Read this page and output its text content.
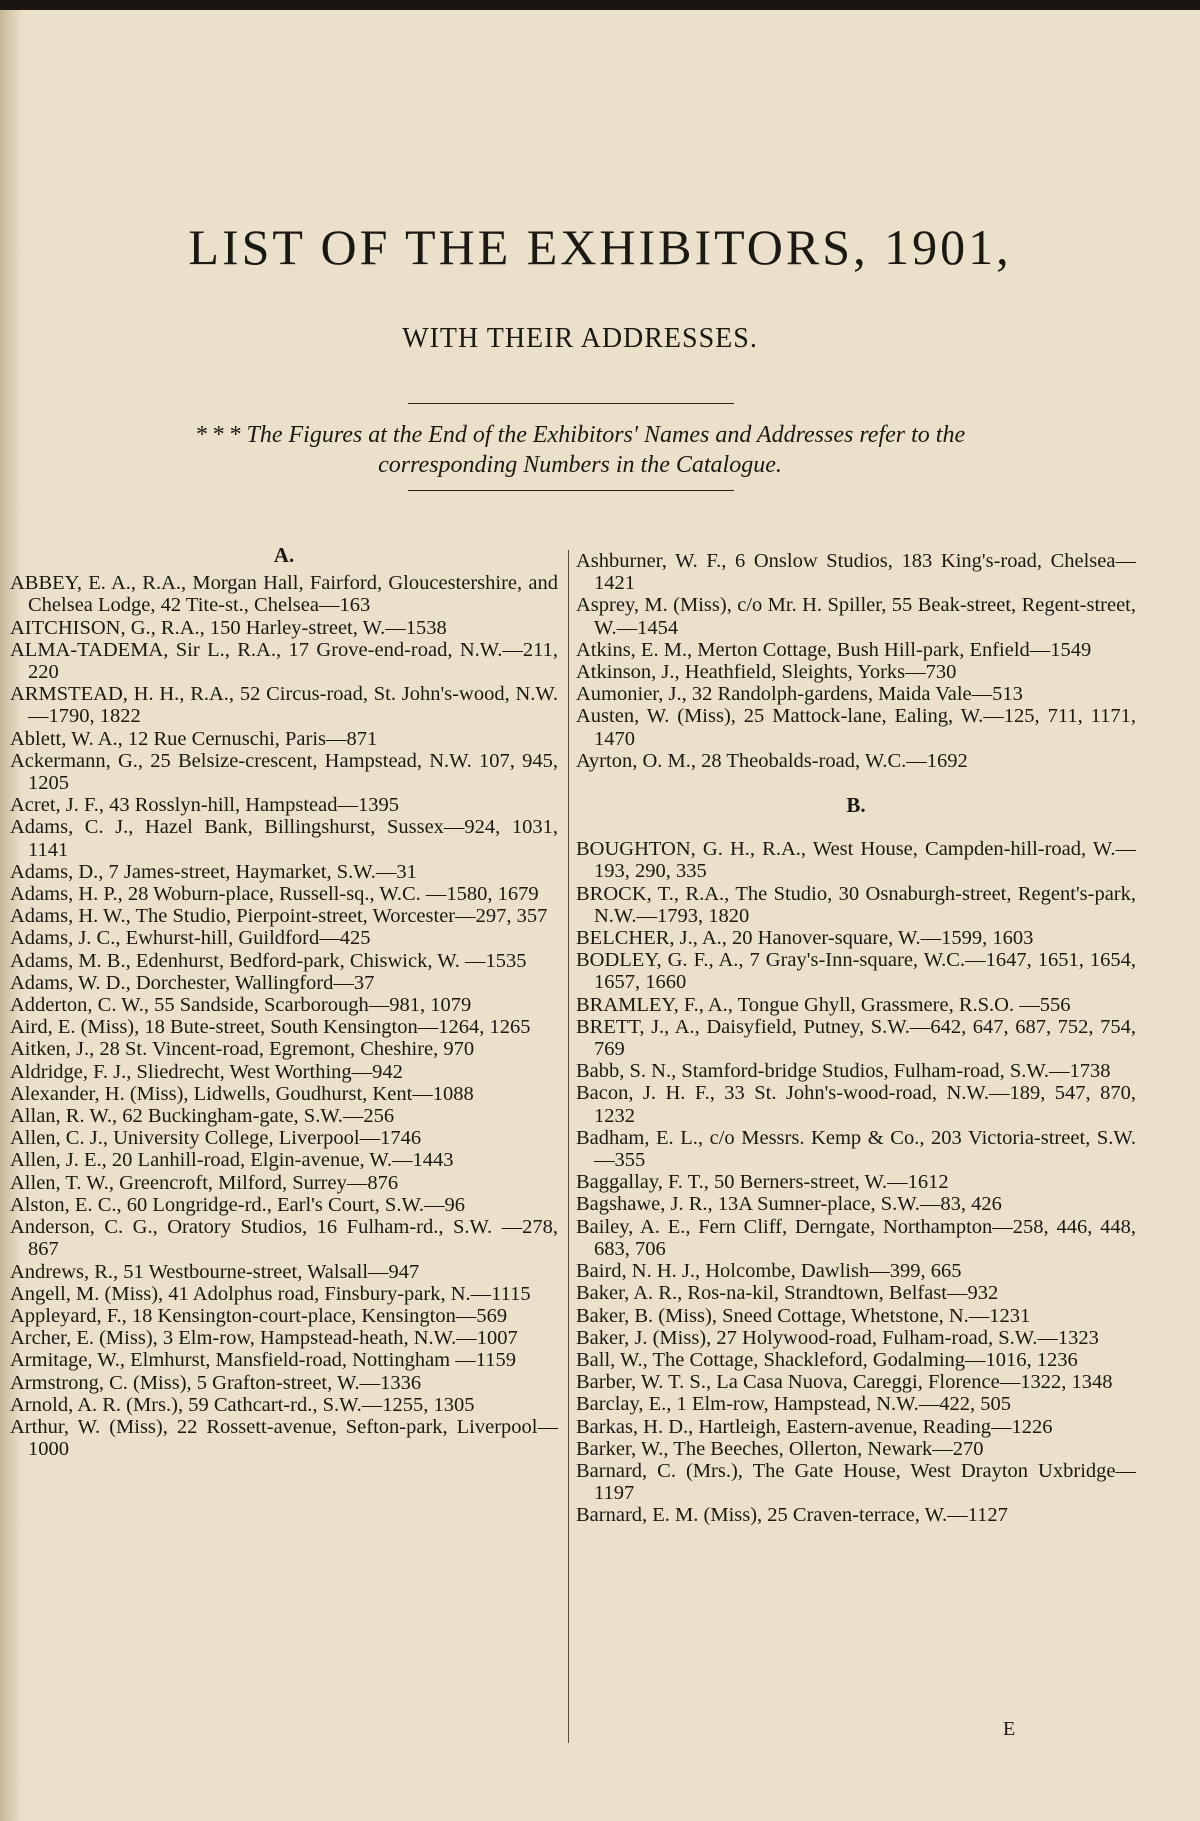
LIST OF THE EXHIBITORS, 1901,
WITH THEIR ADDRESSES.
* * * The Figures at the End of the Exhibitors' Names and Addresses refer to the corresponding Numbers in the Catalogue.
A.
ABBEY, E. A., R.A., Morgan Hall, Fairford, Gloucestershire, and Chelsea Lodge, 42 Tite-st., Chelsea—163
AITCHISON, G., R.A., 150 Harley-street, W.—1538
ALMA-TADEMA, Sir L., R.A., 17 Grove-end-road, N.W.—211, 220
ARMSTEAD, H. H., R.A., 52 Circus-road, St. John's-wood, N.W.—1790, 1822
Ablett, W. A., 12 Rue Cernuschi, Paris—871
Ackermann, G., 25 Belsize-crescent, Hampstead, N.W. 107, 945, 1205
Acret, J. F., 43 Rosslyn-hill, Hampstead—1395
Adams, C. J., Hazel Bank, Billingshurst, Sussex—924, 1031, 1141
Adams, D., 7 James-street, Haymarket, S.W.—31
Adams, H. P., 28 Woburn-place, Russell-sq., W.C. —1580, 1679
Adams, H. W., The Studio, Pierpoint-street, Worcester—297, 357
Adams, J. C., Ewhurst-hill, Guildford—425
Adams, M. B., Edenhurst, Bedford-park, Chiswick, W. —1535
Adams, W. D., Dorchester, Wallingford—37
Adderton, C. W., 55 Sandside, Scarborough—981, 1079
Aird, E. (Miss), 18 Bute-street, South Kensington—1264, 1265
Aitken, J., 28 St. Vincent-road, Egremont, Cheshire, 970
Aldridge, F. J., Sliedrecht, West Worthing—942
Alexander, H. (Miss), Lidwells, Goudhurst, Kent—1088
Allan, R. W., 62 Buckingham-gate, S.W.—256
Allen, C. J., University College, Liverpool—1746
Allen, J. E., 20 Lanhill-road, Elgin-avenue, W.—1443
Allen, T. W., Greencroft, Milford, Surrey—876
Alston, E. C., 60 Longridge-rd., Earl's Court, S.W.—96
Anderson, C. G., Oratory Studios, 16 Fulham-rd., S.W. —278, 867
Andrews, R., 51 Westbourne-street, Walsall—947
Angell, M. (Miss), 41 Adolphus road, Finsbury-park, N.—1115
Appleyard, F., 18 Kensington-court-place, Kensington—569
Archer, E. (Miss), 3 Elm-row, Hampstead-heath, N.W.—1007
Armitage, W., Elmhurst, Mansfield-road, Nottingham —1159
Armstrong, C. (Miss), 5 Grafton-street, W.—1336
Arnold, A. R. (Mrs.), 59 Cathcart-rd., S.W.—1255, 1305
Arthur, W. (Miss), 22 Rossett-avenue, Sefton-park, Liverpool—1000
Ashburner, W. F., 6 Onslow Studios, 183 King's-road, Chelsea—1421
Asprey, M. (Miss), c/o Mr. H. Spiller, 55 Beak-street, Regent-street, W.—1454
Atkins, E. M., Merton Cottage, Bush Hill-park, Enfield—1549
Atkinson, J., Heathfield, Sleights, Yorks—730
Aumonier, J., 32 Randolph-gardens, Maida Vale—513
Austen, W. (Miss), 25 Mattock-lane, Ealing, W.—125, 711, 1171, 1470
Ayrton, O. M., 28 Theobalds-road, W.C.—1692
B.
BOUGHTON, G. H., R.A., West House, Campden-hill-road, W.—193, 290, 335
BROCK, T., R.A., The Studio, 30 Osnaburgh-street, Regent's-park, N.W.—1793, 1820
BELCHER, J., A., 20 Hanover-square, W.—1599, 1603
BODLEY, G. F., A., 7 Gray's-Inn-square, W.C.—1647, 1651, 1654, 1657, 1660
BRAMLEY, F., A., Tongue Ghyll, Grassmere, R.S.O. —556
BRETT, J., A., Daisyfield, Putney, S.W.—642, 647, 687, 752, 754, 769
Babb, S. N., Stamford-bridge Studios, Fulham-road, S.W.—1738
Bacon, J. H. F., 33 St. John's-wood-road, N.W.—189, 547, 870, 1232
Badham, E. L., c/o Messrs. Kemp & Co., 203 Victoria-street, S.W.—355
Baggallay, F. T., 50 Berners-street, W.—1612
Bagshawe, J. R., 13A Sumner-place, S.W.—83, 426
Bailey, A. E., Fern Cliff, Derngate, Northampton—258, 446, 448, 683, 706
Baird, N. H. J., Holcombe, Dawlish—399, 665
Baker, A. R., Ros-na-kil, Strandtown, Belfast—932
Baker, B. (Miss), Sneed Cottage, Whetstone, N.—1231
Baker, J. (Miss), 27 Holywood-road, Fulham-road, S.W.—1323
Ball, W., The Cottage, Shackleford, Godalming—1016, 1236
Barber, W. T. S., La Casa Nuova, Careggi, Florence—1322, 1348
Barclay, E., 1 Elm-row, Hampstead, N.W.—422, 505
Barkas, H. D., Hartleigh, Eastern-avenue, Reading—1226
Barker, W., The Beeches, Ollerton, Newark—270
Barnard, C. (Mrs.), The Gate House, West Drayton Uxbridge—1197
Barnard, E. M. (Miss), 25 Craven-terrace, W.—1127
E
